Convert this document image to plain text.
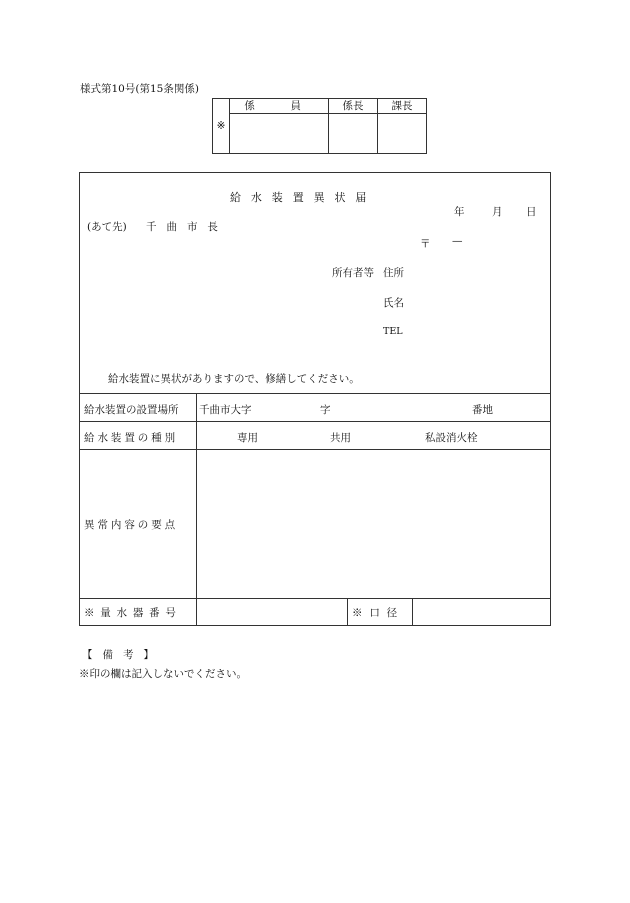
様式第10号(第15条関係)
※	係　員	係長	課長

給水装置異状届
年	月 日
(あて先) 千曲市長
〒 —
所有者等 住所
氏名
TEL
給水装置に異状がありますので、修繕してください。
給水装置の設置場所 千曲市大字	字	番地
給水装置の種別	専用	共用	私設消火栓
異常内容の要点
※量水器番号	※口径
【備考】
※印の欄は記入しないでください。
